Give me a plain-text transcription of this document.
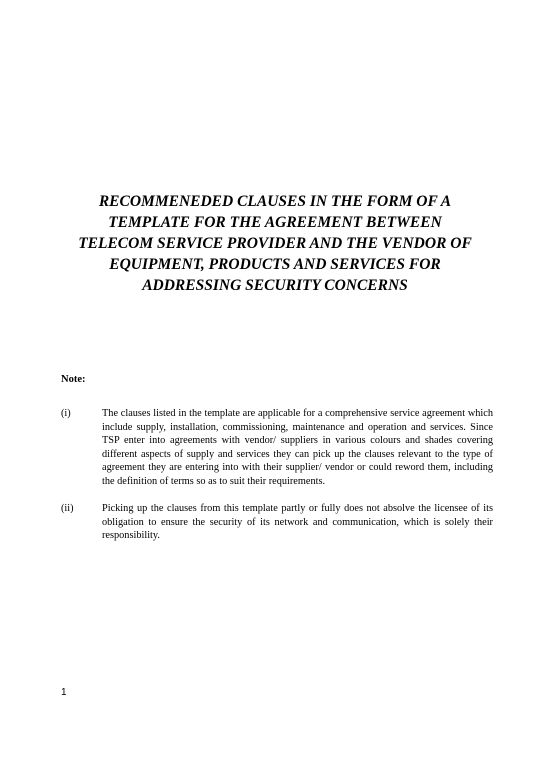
RECOMMENEDED CLAUSES IN THE FORM OF A
TEMPLATE FOR THE AGREEMENT BETWEEN
TELECOM SERVICE PROVIDER AND THE VENDOR OF
EQUIPMENT, PRODUCTS AND SERVICES FOR
ADDRESSING SECURITY CONCERNS
Note:
(i)	The clauses listed in the template are applicable for a comprehensive service agreement which include supply, installation, commissioning, maintenance and operation and services. Since TSP enter into agreements with vendor/ suppliers in various colours and shades covering different aspects of supply and services they can pick up the clauses relevant to the type of agreement they are entering into with their supplier/ vendor or could reword them, including the definition of terms so as to suit their requirements.
(ii)	Picking up the clauses from this template partly or fully does not absolve the licensee of its obligation to ensure the security of its network and communication, which is solely their responsibility.
1
